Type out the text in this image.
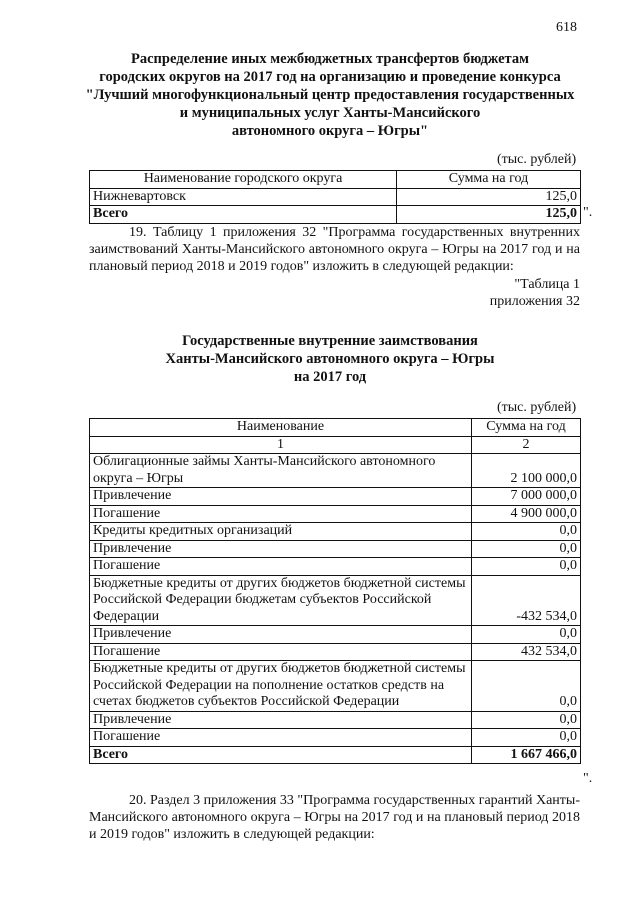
618
Распределение иных межбюджетных трансфертов бюджетам
городских округов на 2017 год на организацию и проведение конкурса
"Лучший многофункциональный центр предоставления государственных
и муниципальных услуг Ханты-Мансийского
автономного округа – Югры"
(тыс. рублей)
Наименование городского округа	Сумма на год
Нижневартовск	125,0
Всего	125,0 ".
19. Таблицу 1 приложения 32 "Программа государственных внутренних заимствований Ханты-Мансийского автономного округа – Югры на 2017 год и на плановый период 2018 и 2019 годов" изложить в следующей редакции:
"Таблица 1
приложения 32
Государственные внутренние заимствования
Ханты-Мансийского автономного округа – Югры
на 2017 год
(тыс. рублей)
Наименование	Сумма на год
1	2
Облигационные займы Ханты-Мансийского автономного округа – Югры	2 100 000,0
Привлечение	7 000 000,0
Погашение	4 900 000,0
Кредиты кредитных организаций	0,0
Привлечение	0,0
Погашение	0,0
Бюджетные кредиты от других бюджетов бюджетной системы Российской Федерации бюджетам субъектов Российской Федерации	-432 534,0
Привлечение	0,0
Погашение	432 534,0
Бюджетные кредиты от других бюджетов бюджетной системы Российской Федерации на пополнение остатков средств на счетах бюджетов субъектов Российской Федерации	0,0
Привлечение	0,0
Погашение	0,0
Всего	1 667 466,0
".
20. Раздел 3 приложения 33 "Программа государственных гарантий Ханты-Мансийского автономного округа – Югры на 2017 год и на плановый период 2018 и 2019 годов" изложить в следующей редакции:
